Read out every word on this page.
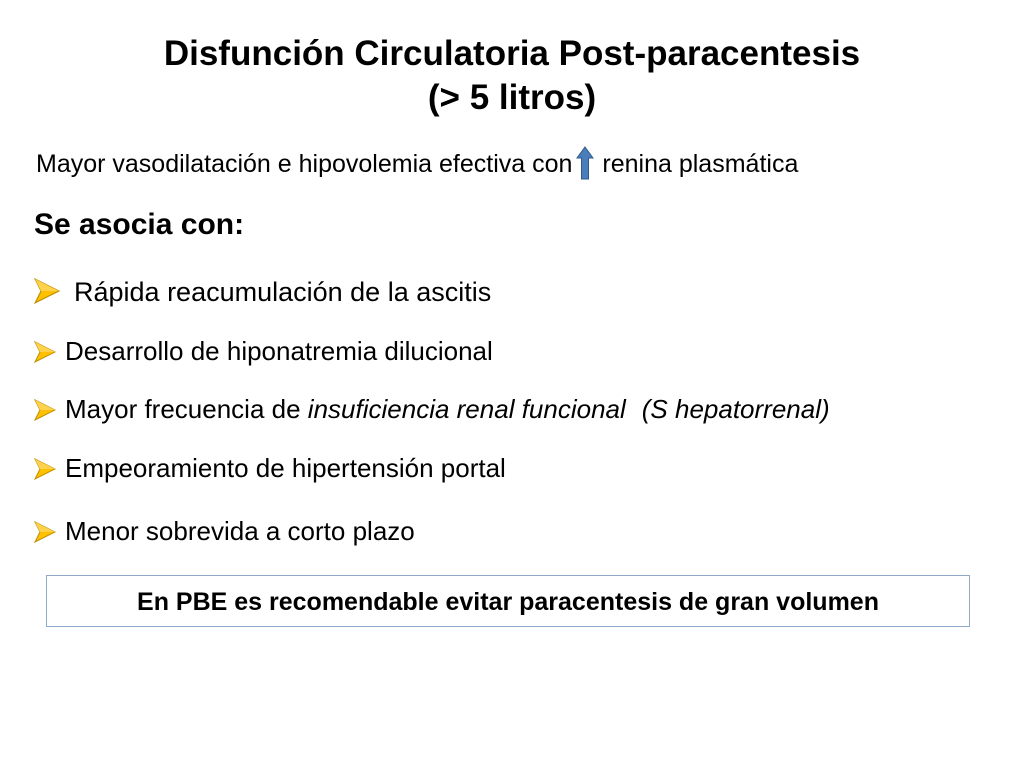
Disfunción Circulatoria Post-paracentesis
(> 5 litros)
Mayor vasodilatación e hipovolemia efectiva con renina plasmática
Se asocia con:
Rápida reacumulación de la ascitis
Desarrollo de hiponatremia dilucional
Mayor frecuencia de insuficiencia renal funcional (S hepatorrenal)
Empeoramiento de hipertensión portal
Menor sobrevida a corto plazo
En PBE es recomendable evitar paracentesis de gran volumen
